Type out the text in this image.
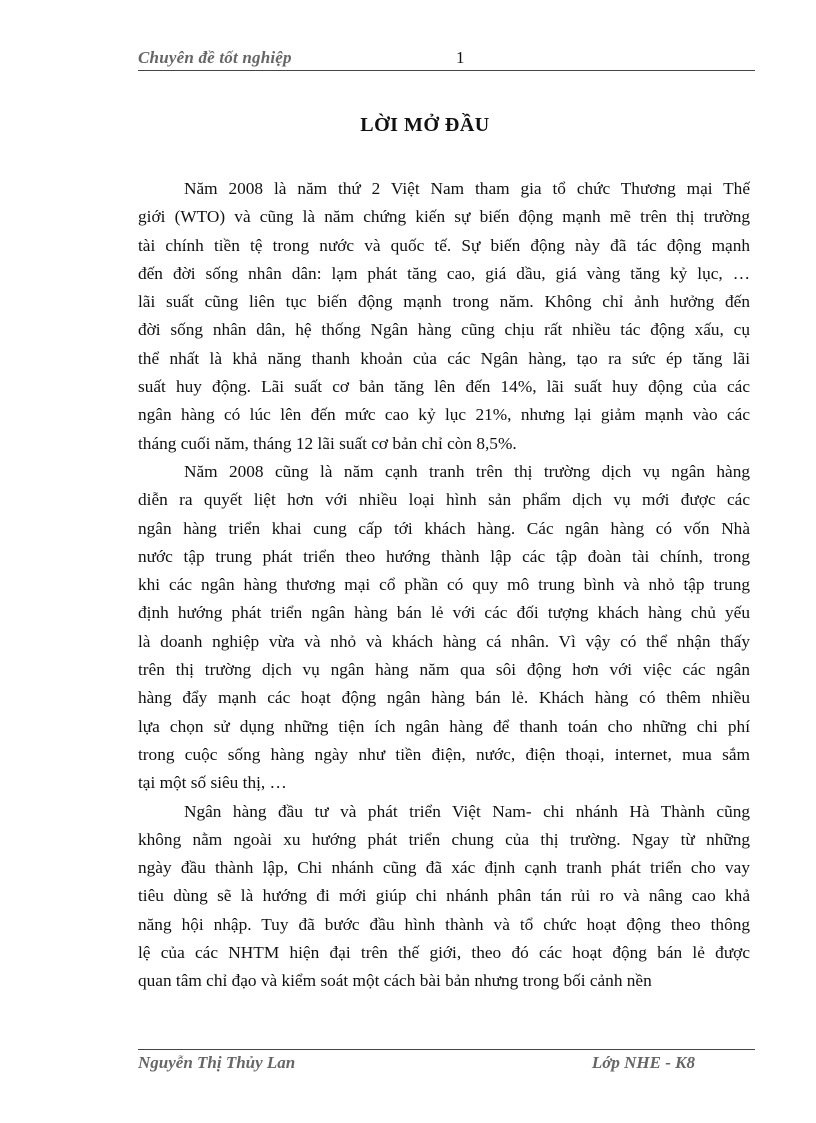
Chuyên đề tốt nghiệp	1
LỜI MỞ ĐẦU
Năm 2008 là năm thứ 2 Việt Nam tham gia tổ chức Thương mại Thế
giới (WTO) và cũng là năm chứng kiến sự biến động mạnh mẽ trên thị trường
tài chính tiền tệ trong nước và quốc tế. Sự biến động này đã tác động mạnh
đến đời sống nhân dân: lạm phát tăng cao, giá dầu, giá vàng tăng kỷ lục, …
lãi suất cũng liên tục biến động mạnh trong năm. Không chỉ ảnh hưởng đến
đời sống nhân dân, hệ thống Ngân hàng cũng chịu rất nhiều tác động xấu, cụ
thể nhất là khả năng thanh khoản của các Ngân hàng, tạo ra sức ép tăng lãi
suất huy động. Lãi suất cơ bản tăng lên đến 14%, lãi suất huy động của các
ngân hàng có lúc lên đến mức cao kỷ lục 21%, nhưng lại giảm mạnh vào các
tháng cuối năm, tháng 12 lãi suất cơ bản chỉ còn 8,5%.
Năm 2008 cũng là năm cạnh tranh trên thị trường dịch vụ ngân hàng
diễn ra quyết liệt hơn với nhiều loại hình sản phẩm dịch vụ mới được các
ngân hàng triển khai cung cấp tới khách hàng. Các ngân hàng có vốn Nhà
nước tập trung phát triển theo hướng thành lập các tập đoàn tài chính, trong
khi các ngân hàng thương mại cổ phần có quy mô trung bình và nhỏ tập trung
định hướng phát triển ngân hàng bán lẻ với các đối tượng khách hàng chủ yếu
là doanh nghiệp vừa và nhỏ và khách hàng cá nhân. Vì vậy có thể nhận thấy
trên thị trường dịch vụ ngân hàng năm qua sôi động hơn với việc các ngân
hàng đẩy mạnh các hoạt động ngân hàng bán lẻ. Khách hàng có thêm nhiều
lựa chọn sử dụng những tiện ích ngân hàng để thanh toán cho những chi phí
trong cuộc sống hàng ngày như tiền điện, nước, điện thoại, internet, mua sắm
tại một số siêu thị, …
Ngân hàng đầu tư và phát triển Việt Nam- chi nhánh Hà Thành cũng
không nằm ngoài xu hướng phát triển chung của thị trường. Ngay từ những
ngày đầu thành lập, Chi nhánh cũng đã xác định cạnh tranh phát triển cho vay
tiêu dùng sẽ là hướng đi mới giúp chi nhánh phân tán rủi ro và nâng cao khả
năng hội nhập. Tuy đã bước đầu hình thành và tổ chức hoạt động theo thông
lệ của các NHTM hiện đại trên thế giới, theo đó các hoạt động bán lẻ được
quan tâm chỉ đạo và kiểm soát một cách bài bản nhưng trong bối cảnh nền
Nguyễn Thị Thủy Lan	Lớp NHE - K8
